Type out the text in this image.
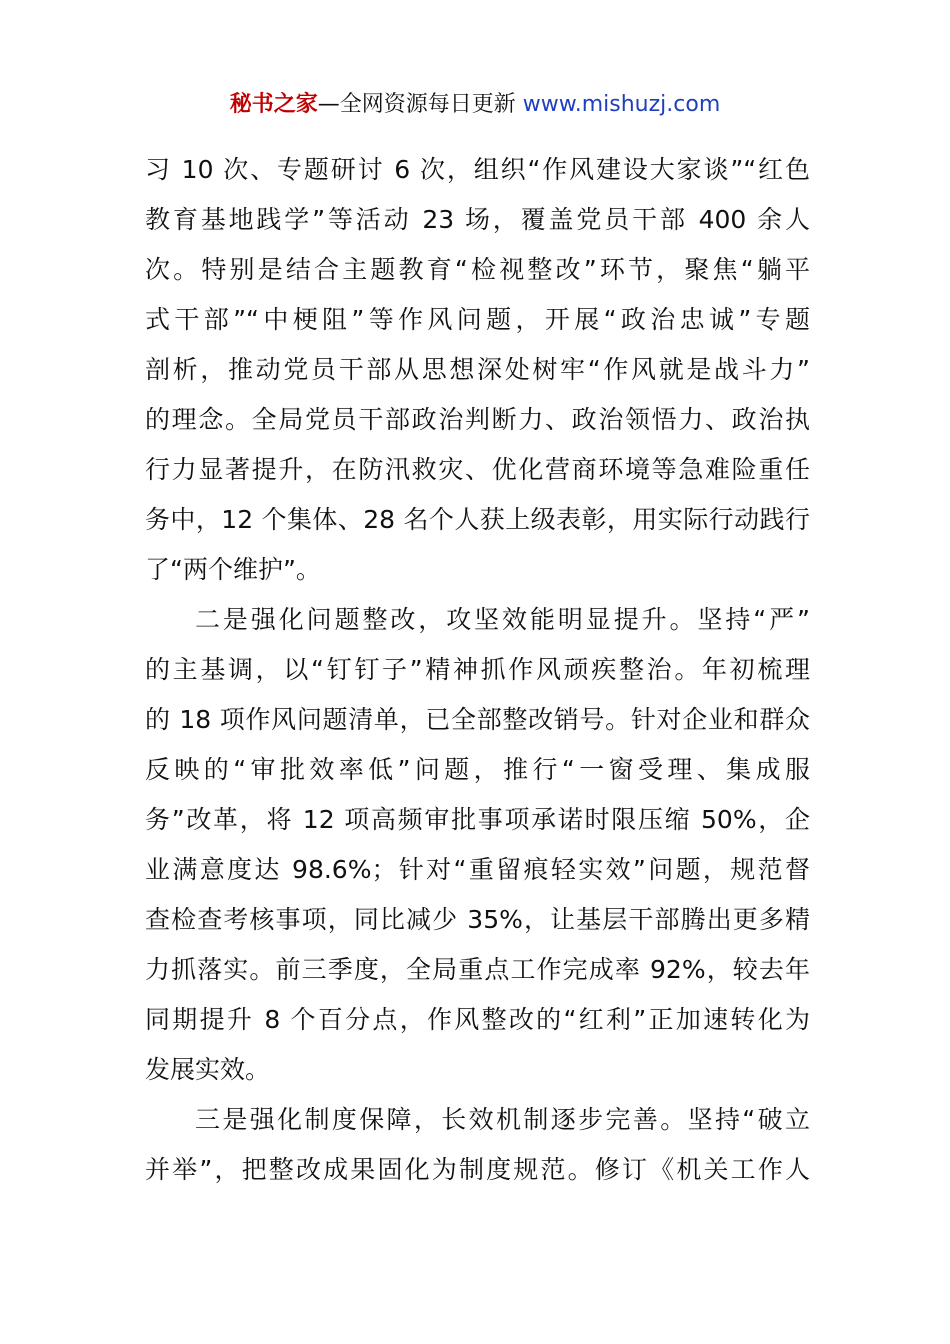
秘书之家—全网资源每日更新 www.mishuzj.com
习 10 次、专题研讨 6 次，组织“作风建设大家谈”“红色
教育基地践学”等活动 23 场，覆盖党员干部 400 余人
次。特别是结合主题教育“检视整改”环节，聚焦“躺平
式干部”“中梗阻”等作风问题，开展“政治忠诚”专题
剖析，推动党员干部从思想深处树牢“作风就是战斗力”
的理念。全局党员干部政治判断力、政治领悟力、政治执
行力显著提升，在防汛救灾、优化营商环境等急难险重任
务中，12 个集体、28 名个人获上级表彰，用实际行动践行
了“两个维护”。
二是强化问题整改，攻坚效能明显提升。坚持“严”
的主基调，以“钉钉子”精神抓作风顽疾整治。年初梳理
的 18 项作风问题清单，已全部整改销号。针对企业和群众
反映的“审批效率低”问题，推行“一窗受理、集成服
务”改革，将 12 项高频审批事项承诺时限压缩 50%，企
业满意度达 98.6%；针对“重留痕轻实效”问题，规范督
查检查考核事项，同比减少 35%，让基层干部腾出更多精
力抓落实。前三季度，全局重点工作完成率 92%，较去年
同期提升 8 个百分点，作风整改的“红利”正加速转化为
发展实效。
三是强化制度保障，长效机制逐步完善。坚持“破立
并举”，把整改成果固化为制度规范。修订《机关工作人
